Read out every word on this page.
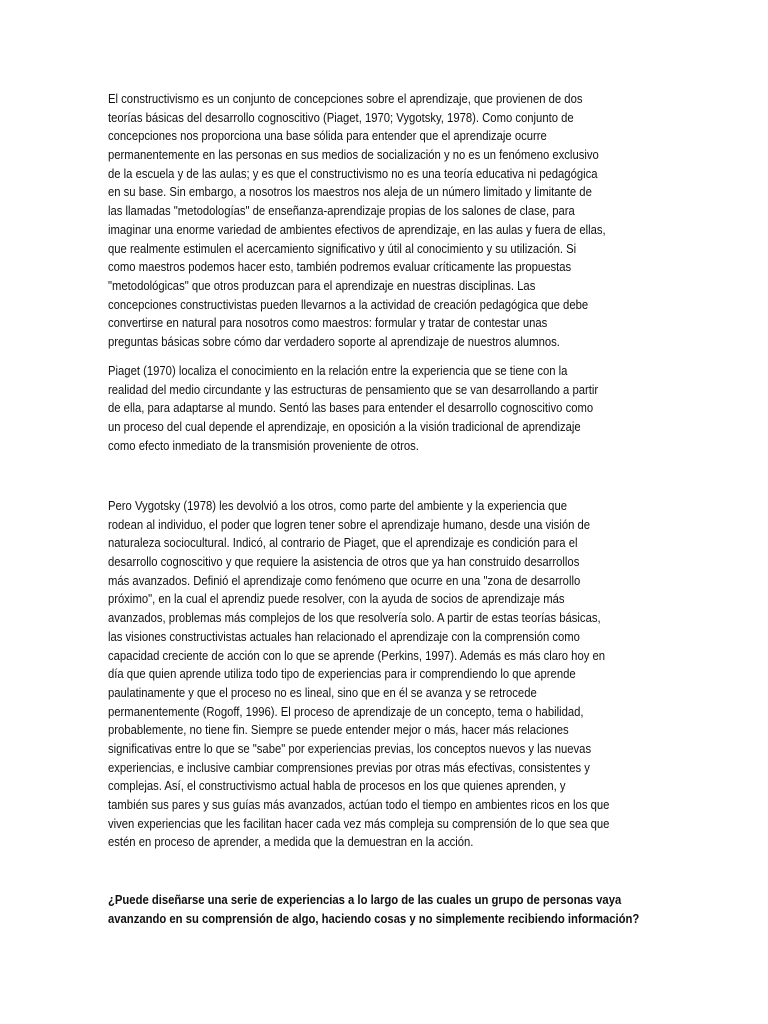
El constructivismo es un conjunto de concepciones sobre el aprendizaje, que provienen de dos
teorías básicas del desarrollo cognoscitivo (Piaget, 1970; Vygotsky, 1978). Como conjunto de
concepciones nos proporciona una base sólida para entender que el aprendizaje ocurre
permanentemente en las personas en sus medios de socialización y no es un fenómeno exclusivo
de la escuela y de las aulas; y es que el constructivismo no es una teoría educativa ni pedagógica
en su base. Sin embargo, a nosotros los maestros nos aleja de un número limitado y limitante de
las llamadas "metodologías" de enseñanza-aprendizaje propias de los salones de clase, para
imaginar una enorme variedad de ambientes efectivos de aprendizaje, en las aulas y fuera de ellas,
que realmente estimulen el acercamiento significativo y útil al conocimiento y su utilización. Si
como maestros podemos hacer esto, también podremos evaluar críticamente las propuestas
"metodológicas" que otros produzcan para el aprendizaje en nuestras disciplinas. Las
concepciones constructivistas pueden llevarnos a la actividad de creación pedagógica que debe
convertirse en natural para nosotros como maestros: formular y tratar de contestar unas
preguntas básicas sobre cómo dar verdadero soporte al aprendizaje de nuestros alumnos.
Piaget (1970) localiza el conocimiento en la relación entre la experiencia que se tiene con la
realidad del medio circundante y las estructuras de pensamiento que se van desarrollando a partir
de ella, para adaptarse al mundo. Sentó las bases para entender el desarrollo cognoscitivo como
un proceso del cual depende el aprendizaje, en oposición a la visión tradicional de aprendizaje
como efecto inmediato de la transmisión proveniente de otros.
Pero Vygotsky (1978) les devolvió a los otros, como parte del ambiente y la experiencia que
rodean al individuo, el poder que logren tener sobre el aprendizaje humano, desde una visión de
naturaleza sociocultural. Indicó, al contrario de Piaget, que el aprendizaje es condición para el
desarrollo cognoscitivo y que requiere la asistencia de otros que ya han construido desarrollos
más avanzados. Definió el aprendizaje como fenómeno que ocurre en una "zona de desarrollo
próximo", en la cual el aprendiz puede resolver, con la ayuda de socios de aprendizaje más
avanzados, problemas más complejos de los que resolvería solo. A partir de estas teorías básicas,
las visiones constructivistas actuales han relacionado el aprendizaje con la comprensión como
capacidad creciente de acción con lo que se aprende (Perkins, 1997). Además es más claro hoy en
día que quien aprende utiliza todo tipo de experiencias para ir comprendiendo lo que aprende
paulatinamente y que el proceso no es lineal, sino que en él se avanza y se retrocede
permanentemente (Rogoff, 1996). El proceso de aprendizaje de un concepto, tema o habilidad,
probablemente, no tiene fin. Siempre se puede entender mejor o más, hacer más relaciones
significativas entre lo que se "sabe" por experiencias previas, los conceptos nuevos y las nuevas
experiencias, e inclusive cambiar comprensiones previas por otras más efectivas, consistentes y
complejas. Así, el constructivismo actual habla de procesos en los que quienes aprenden, y
también sus pares y sus guías más avanzados, actúan todo el tiempo en ambientes ricos en los que
viven experiencias que les facilitan hacer cada vez más compleja su comprensión de lo que sea que
estén en proceso de aprender, a medida que la demuestran en la acción.
¿Puede diseñarse una serie de experiencias a lo largo de las cuales un grupo de personas vaya
avanzando en su comprensión de algo, haciendo cosas y no simplemente recibiendo información?
